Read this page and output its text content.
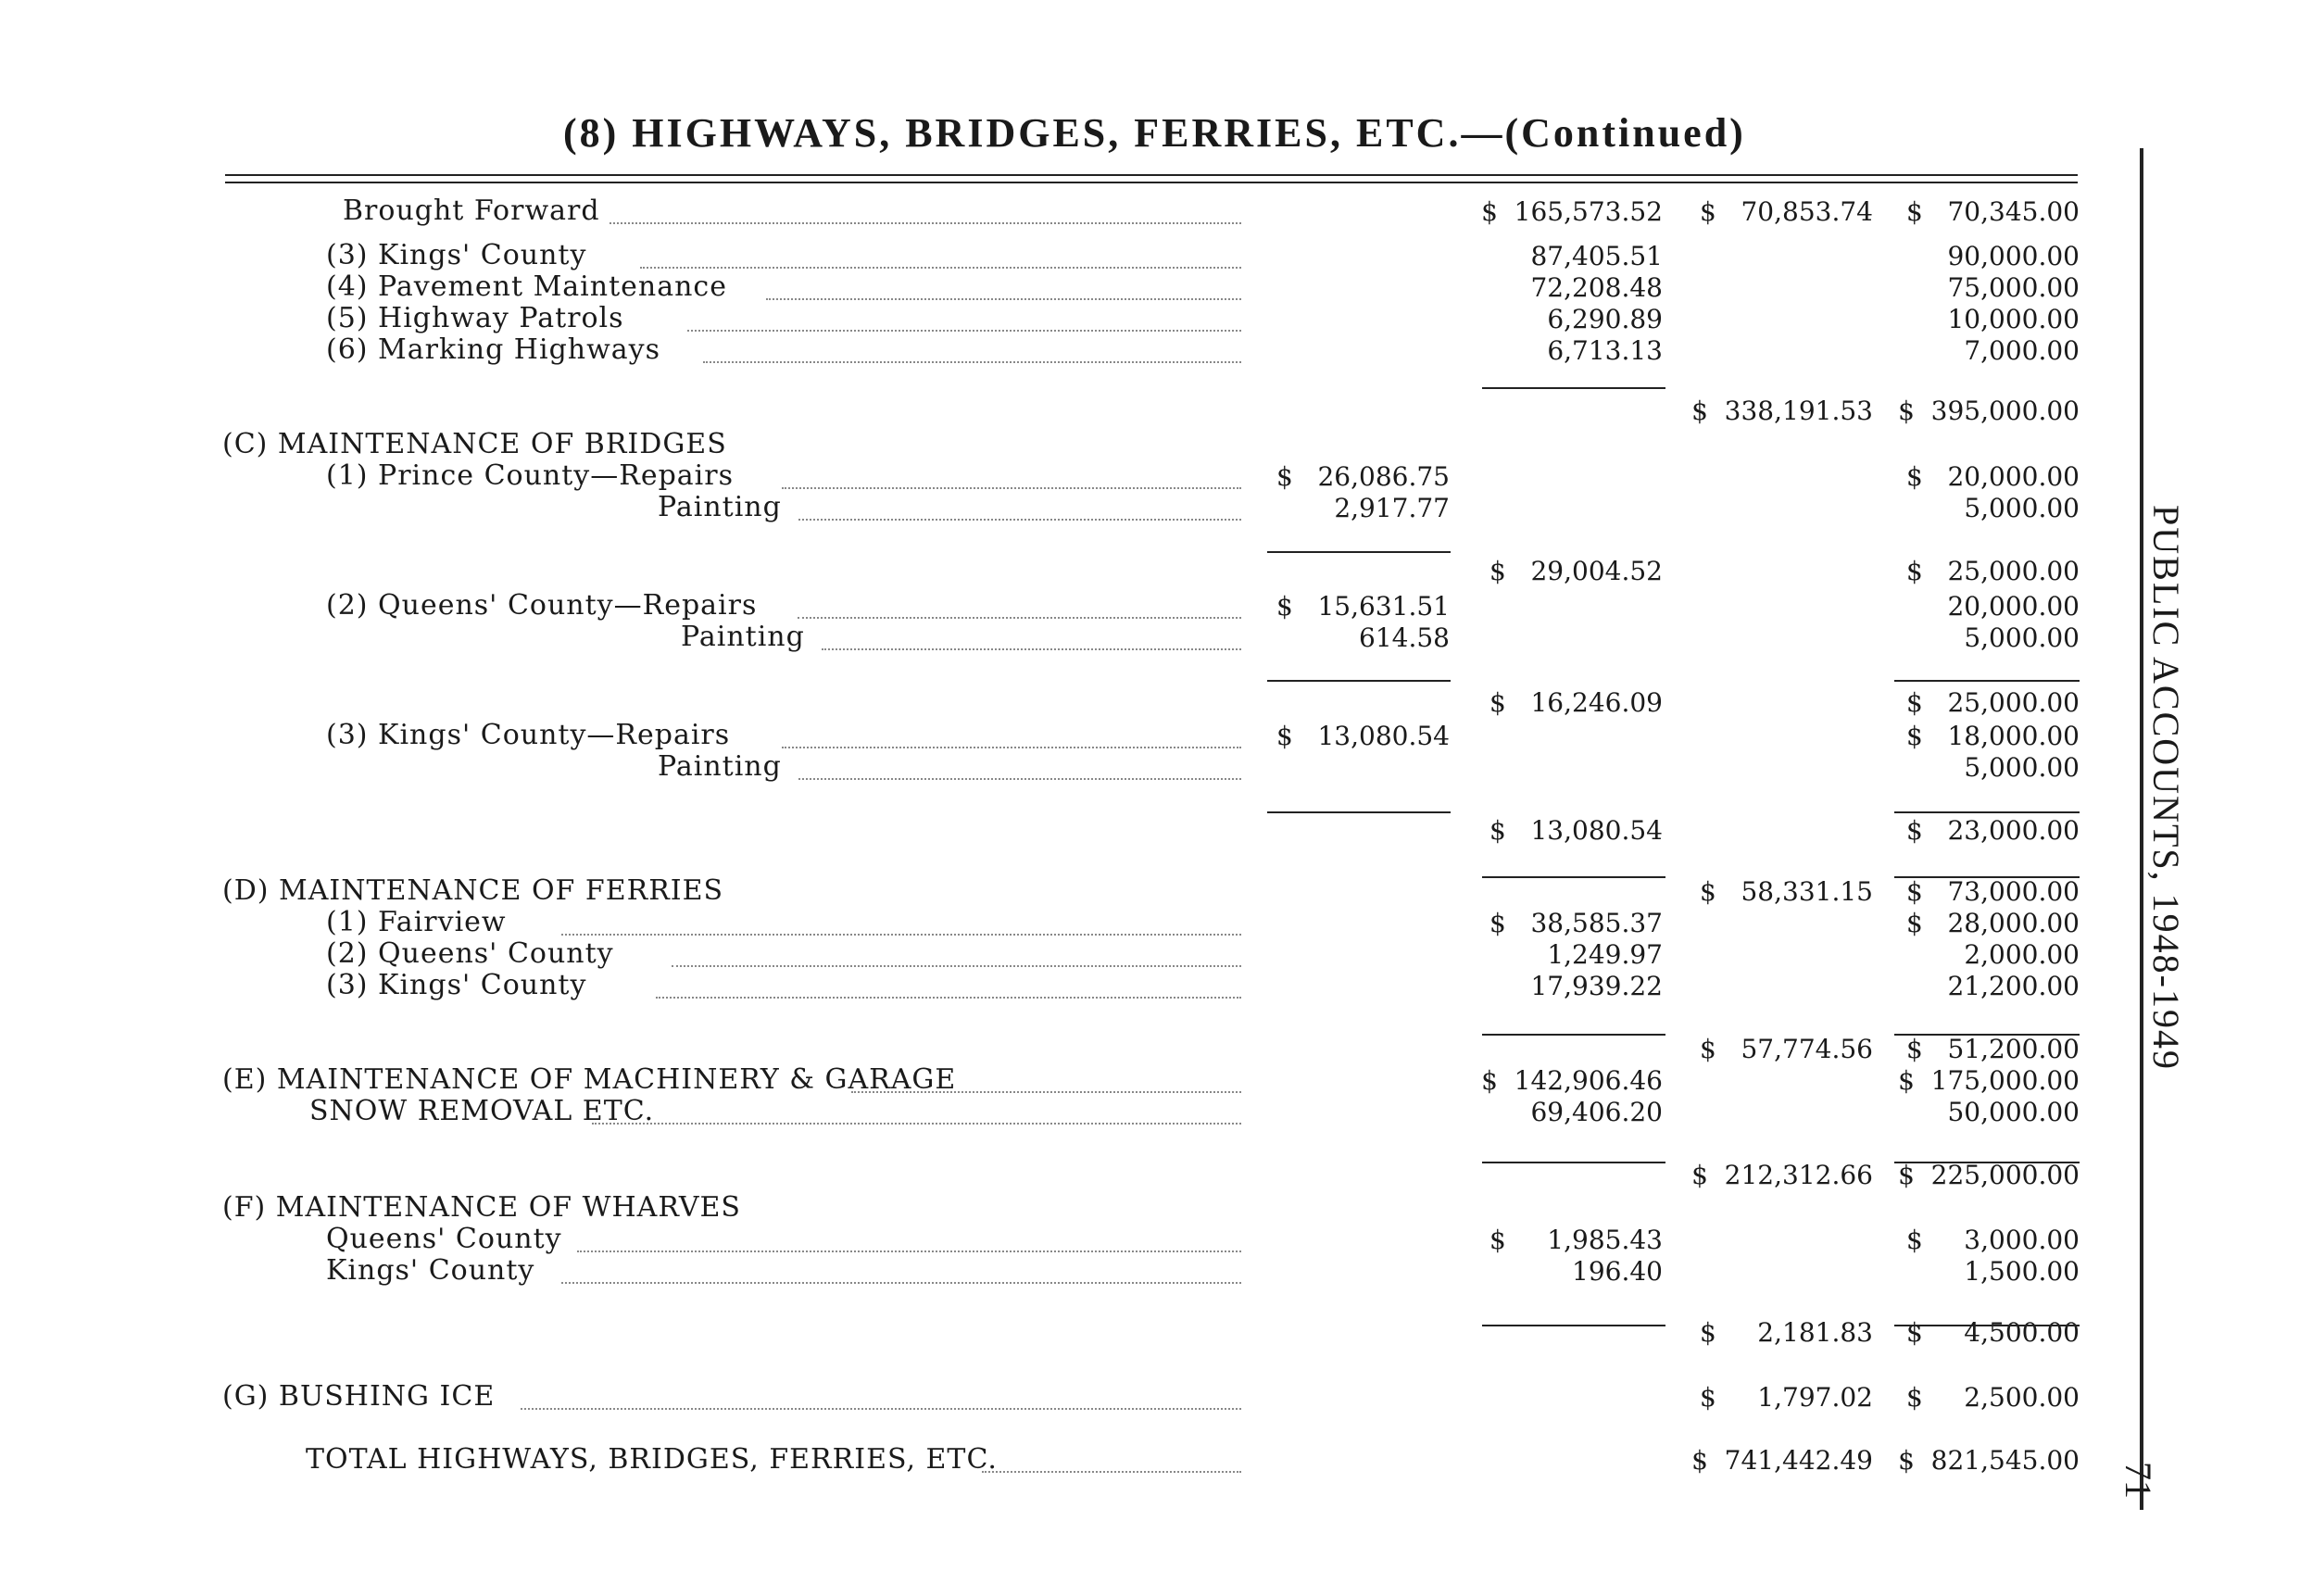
(8) HIGHWAYS, BRIDGES, FERRIES, ETC.—(Continued)
Brought Forward	$  165,573.52 $   70,853.74 $   70,345.00
(3) Kings' County	87,405.51	90,000.00
(4) Pavement Maintenance	72,208.48	75,000.00
(5) Highway Patrols	6,290.89	10,000.00
(6) Marking Highways	6,713.13	7,000.00
$  338,191.53 $  395,000.00
(C) MAINTENANCE OF BRIDGES
(1) Prince County—Repairs	$   26,086.75	$   20,000.00
Painting	2,917.77	5,000.00
$   29,004.52	$   25,000.00
(2) Queens' County—Repairs	$   15,631.51	20,000.00
Painting	614.58	5,000.00
$   16,246.09	$   25,000.00
(3) Kings' County—Repairs	$   13,080.54	$   18,000.00
Painting	5,000.00
$   13,080.54	$   23,000.00
(D) MAINTENANCE OF FERRIES	$   58,331.15 $   73,000.00
(1) Fairview	$   38,585.37	$   28,000.00
(2) Queens' County	1,249.97	2,000.00
(3) Kings' County	17,939.22	21,200.00
$   57,774.56 $   51,200.00
(E) MAINTENANCE OF MACHINERY & GARAGE	$  142,906.46	$  175,000.00
SNOW REMOVAL ETC.	69,406.20	50,000.00
$  212,312.66 $  225,000.00
(F) MAINTENANCE OF WHARVES
Queens' County	$     1,985.43	$     3,000.00
Kings' County	196.40	1,500.00
$     2,181.83 $     4,500.00
(G) BUSHING ICE	$     1,797.02 $     2,500.00
TOTAL HIGHWAYS, BRIDGES, FERRIES, ETC.	$  741,442.49 $  821,545.00
PUBLIC ACCOUNTS, 1948-1949
71
